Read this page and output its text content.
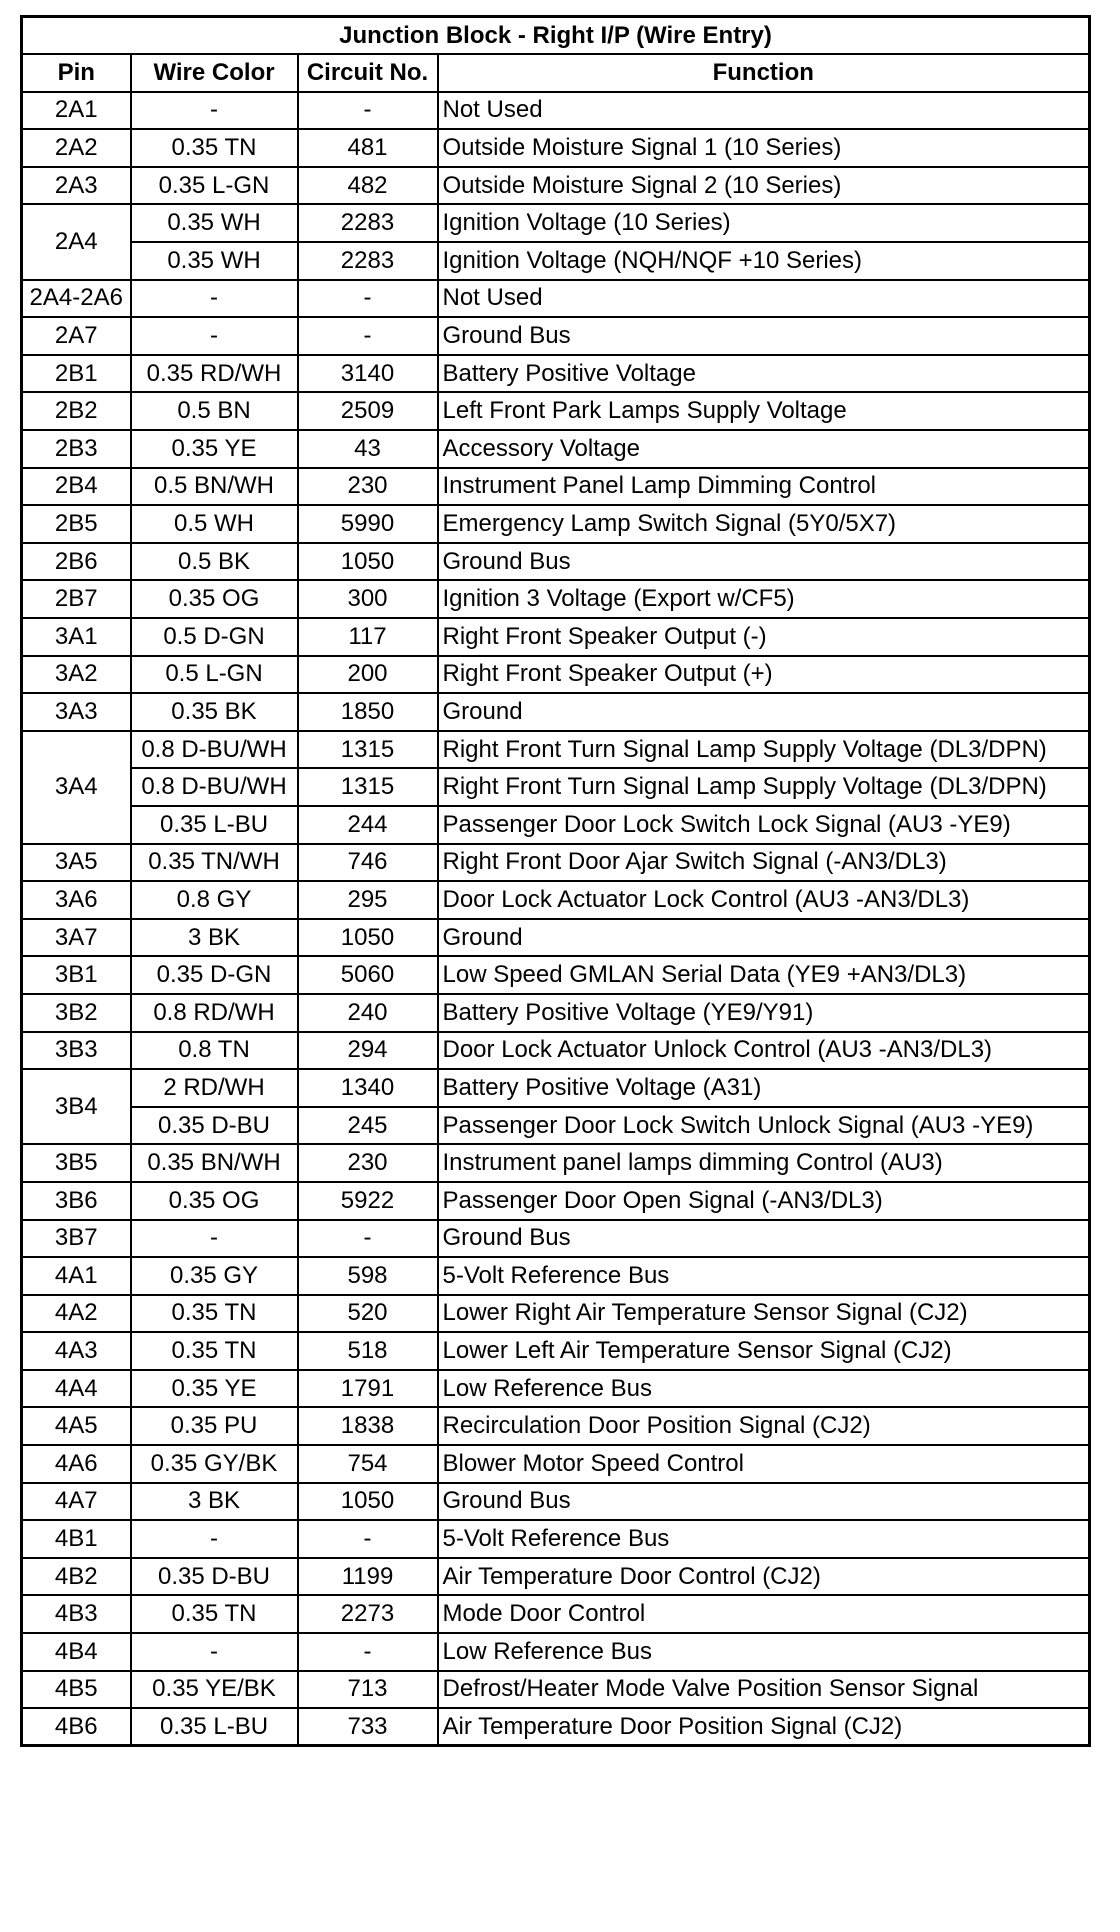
Junction Block - Right I/P (Wire Entry)			
Pin	Wire Color	Circuit No.	Function
2A1	-	-	Not Used
2A2	0.35 TN	481	Outside Moisture Signal 1 (10 Series)
2A3	0.35 L-GN	482	Outside Moisture Signal 2 (10 Series)
2A4	0.35 WH	2283	Ignition Voltage (10 Series)
	0.35 WH	2283	Ignition Voltage (NQH/NQF +10 Series)
2A4-2A6	-	-	Not Used
2A7	-	-	Ground Bus
2B1	0.35 RD/WH	3140	Battery Positive Voltage
2B2	0.5 BN	2509	Left Front Park Lamps Supply Voltage
2B3	0.35 YE	43	Accessory Voltage
2B4	0.5 BN/WH	230	Instrument Panel Lamp Dimming Control
2B5	0.5 WH	5990	Emergency Lamp Switch Signal (5Y0/5X7)
2B6	0.5 BK	1050	Ground Bus
2B7	0.35 OG	300	Ignition 3 Voltage (Export w/CF5)
3A1	0.5 D-GN	117	Right Front Speaker Output (-)
3A2	0.5 L-GN	200	Right Front Speaker Output (+)
3A3	0.35 BK	1850	Ground
3A4	0.8 D-BU/WH	1315	Right Front Turn Signal Lamp Supply Voltage (DL3/DPN)
	0.8 D-BU/WH	1315	Right Front Turn Signal Lamp Supply Voltage (DL3/DPN)
	0.35 L-BU	244	Passenger Door Lock Switch Lock Signal (AU3 -YE9)
3A5	0.35 TN/WH	746	Right Front Door Ajar Switch Signal (-AN3/DL3)
3A6	0.8 GY	295	Door Lock Actuator Lock Control (AU3 -AN3/DL3)
3A7	3 BK	1050	Ground
3B1	0.35 D-GN	5060	Low Speed GMLAN Serial Data (YE9 +AN3/DL3)
3B2	0.8 RD/WH	240	Battery Positive Voltage (YE9/Y91)
3B3	0.8 TN	294	Door Lock Actuator Unlock Control (AU3 -AN3/DL3)
3B4	2 RD/WH	1340	Battery Positive Voltage (A31)
	0.35 D-BU	245	Passenger Door Lock Switch Unlock Signal (AU3 -YE9)
3B5	0.35 BN/WH	230	Instrument panel lamps dimming Control (AU3)
3B6	0.35 OG	5922	Passenger Door Open Signal (-AN3/DL3)
3B7	-	-	Ground Bus
4A1	0.35 GY	598	5-Volt Reference Bus
4A2	0.35 TN	520	Lower Right Air Temperature Sensor Signal (CJ2)
4A3	0.35 TN	518	Lower Left Air Temperature Sensor Signal (CJ2)
4A4	0.35 YE	1791	Low Reference Bus
4A5	0.35 PU	1838	Recirculation Door Position Signal (CJ2)
4A6	0.35 GY/BK	754	Blower Motor Speed Control
4A7	3 BK	1050	Ground Bus
4B1	-	-	5-Volt Reference Bus
4B2	0.35 D-BU	1199	Air Temperature Door Control (CJ2)
4B3	0.35 TN	2273	Mode Door Control
4B4	-	-	Low Reference Bus
4B5	0.35 YE/BK	713	Defrost/Heater Mode Valve Position Sensor Signal
4B6	0.35 L-BU	733	Air Temperature Door Position Signal (CJ2)
